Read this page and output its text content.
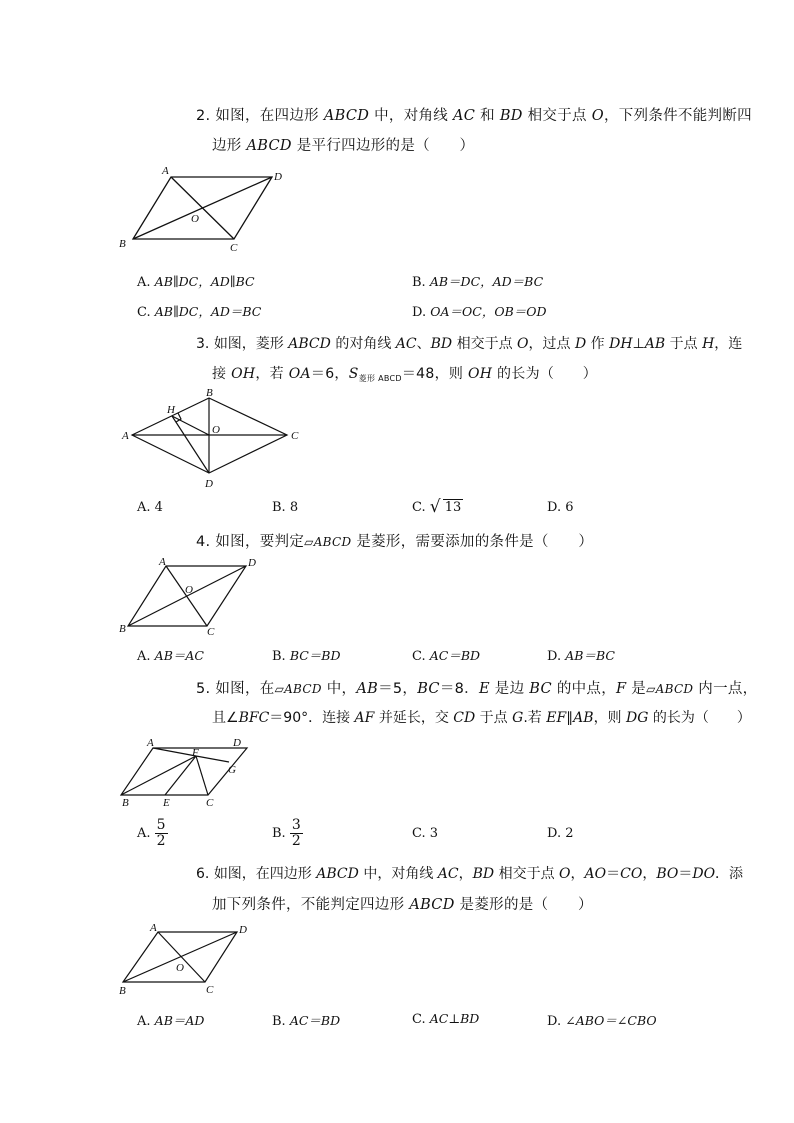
2. 如图，在四边形 ABCD 中，对角线 AC 和 BD 相交于点 O，下列条件不能判断四
边形 ABCD 是平行四边形的是（　　）
A	D
O
B	C
A. AB∥DC，AD∥BC	B. AB＝DC，AD＝BC
C. AB∥DC，AD＝BC	D. OA＝OC，OB＝OD
3. 如图，菱形 ABCD 的对角线 AC、BD 相交于点 O，过点 D 作 DH⊥AB 于点 H，连
接 OH，若 OA＝6，$S_{菱形 ABCD}=48$，则 OH 的长为（　　）
A
B
C
D
O
H
A. 4	B. 8	C. √ 13	D. 6
4. 如图，要判定▱ABCD 是菱形，需要添加的条件是（　　）
A	D
O
B	C
A. AB＝AC	B. BC＝BD	C. AC＝BD	D. AB＝BC
5. 如图，在▱ABCD 中，AB＝5，BC＝8．E 是边 BC 的中点，F 是▱ABCD 内一点，
且∠BFC＝90°．连接 AF 并延长，交 CD 于点 G.若 EF∥AB，则 DG 的长为（　　）
A	D
F
G
B	E	C
A. $\frac{5}{2}$	B. $\frac{3}{2}$	C. 3	D. 2
6. 如图，在四边形 ABCD 中，对角线 AC，BD 相交于点 O，AO＝CO，BO＝DO．添
加下列条件，不能判定四边形 ABCD 是菱形的是（　　）
A	D
O
B	C
A. AB＝AD	B. AC＝BD	C. AC⊥BD	D. ∠ABO＝∠CBO
